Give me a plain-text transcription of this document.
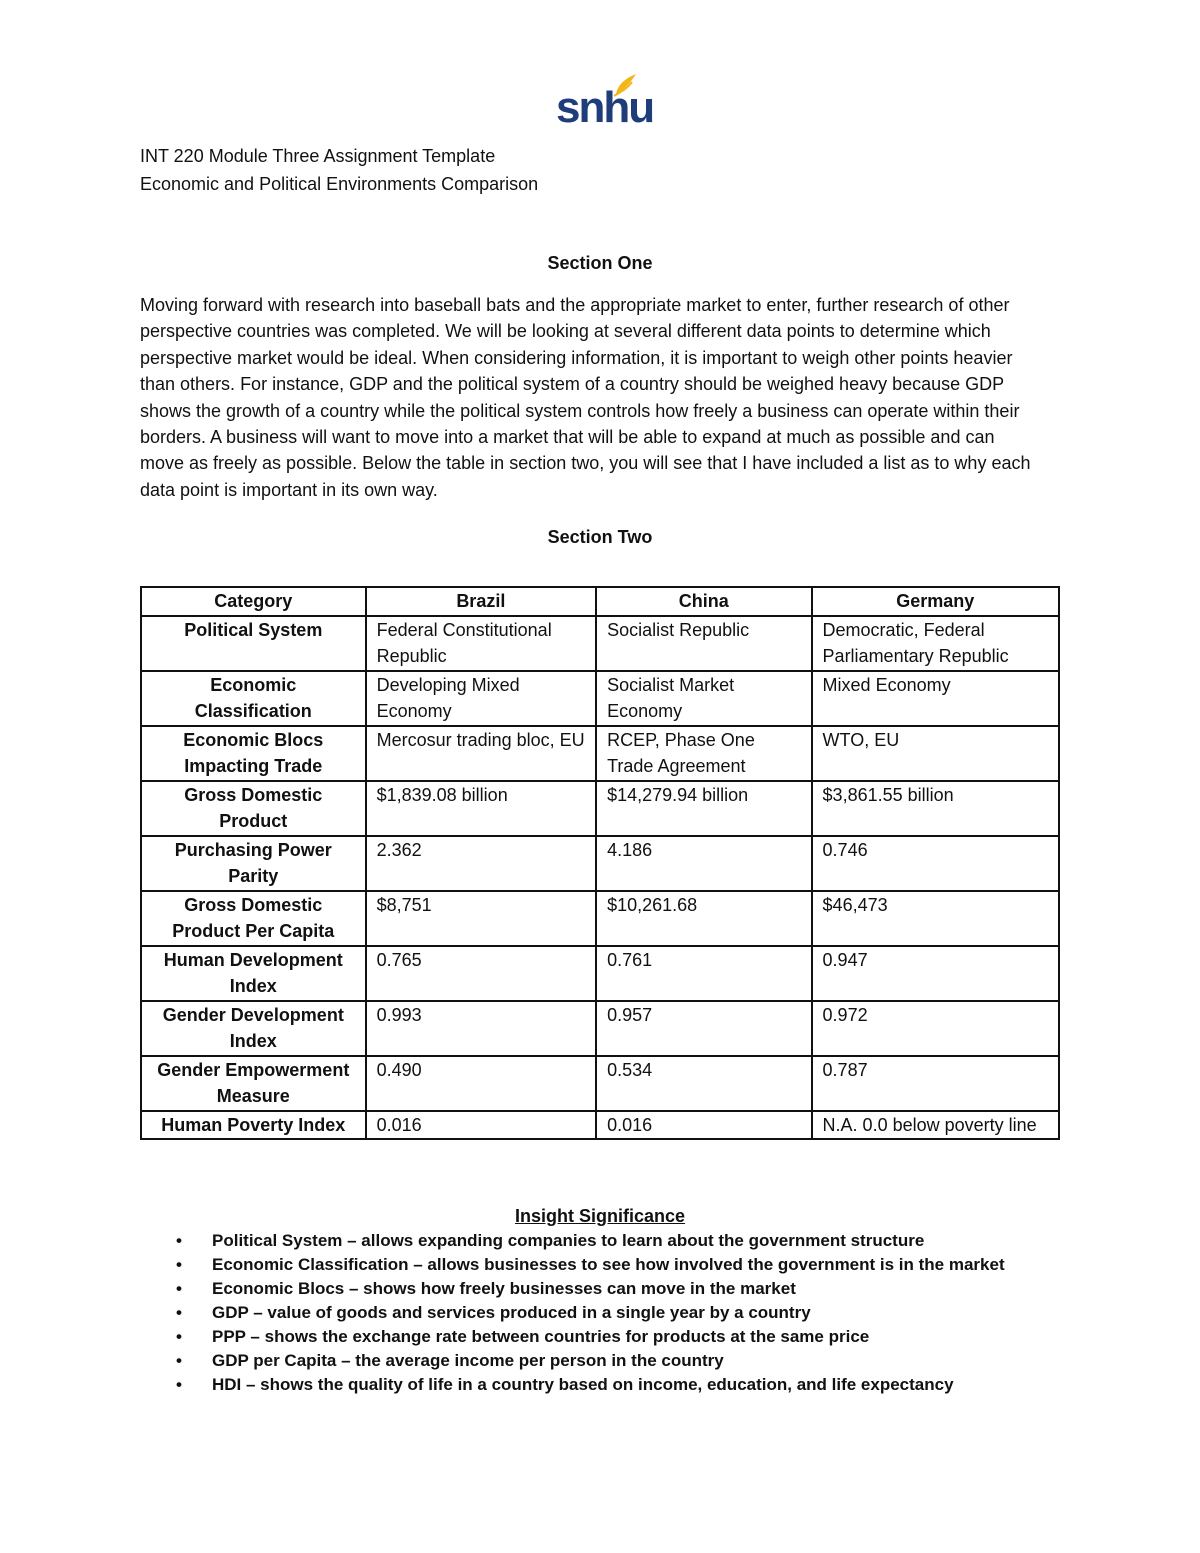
snhu
INT 220 Module Three Assignment Template
Economic and Political Environments Comparison
Section One

Moving forward with research into baseball bats and the appropriate market to enter, further research of other perspective countries was completed. We will be looking at several different data points to determine which perspective market would be ideal. When considering information, it is important to weigh other points heavier than others. For instance, GDP and the political system of a country should be weighed heavy because GDP shows the growth of a country while the political system controls how freely a business can operate within their borders. A business will want to move into a market that will be able to expand at much as possible and can move as freely as possible. Below the table in section two, you will see that I have included a list as to why each data point is important in its own way.

Section Two
Category	Brazil	China	Germany
Political System	Federal Constitutional Republic	Socialist Republic	Democratic, Federal Parliamentary Republic
Economic Classification	Developing Mixed Economy	Socialist Market Economy	Mixed Economy
Economic Blocs Impacting Trade	Mercosur trading bloc, EU	RCEP, Phase One Trade Agreement	WTO, EU
Gross Domestic Product	$1,839.08 billion	$14,279.94 billion	$3,861.55 billion
Purchasing Power Parity	2.362	4.186	0.746
Gross Domestic Product Per Capita	$8,751	$10,261.68	$46,473
Human Development Index	0.765	0.761	0.947
Gender Development Index	0.993	0.957	0.972
Gender Empowerment Measure	0.490	0.534	0.787
Human Poverty Index	0.016	0.016	N.A. 0.0 below poverty line
Insight Significance
• Political System – allows expanding companies to learn about the government structure
• Economic Classification – allows businesses to see how involved the government is in the market
• Economic Blocs – shows how freely businesses can move in the market
• GDP – value of goods and services produced in a single year by a country
• PPP – shows the exchange rate between countries for products at the same price
• GDP per Capita – the average income per person in the country
• HDI – shows the quality of life in a country based on income, education, and life expectancy
